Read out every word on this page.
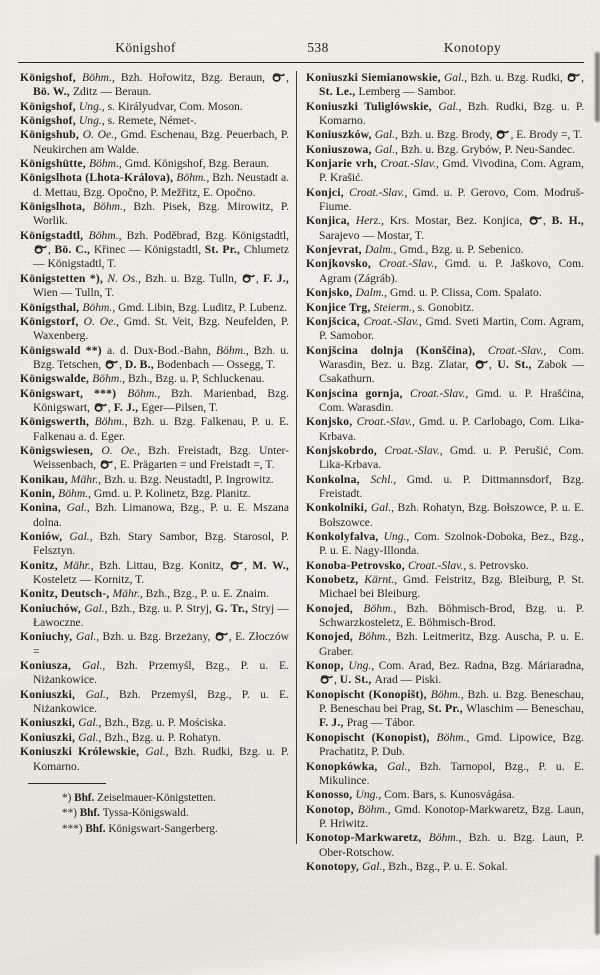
Königshof	538	Konotopy

Königshof, Böhm., Bzh. Hořowitz, Bzg. Beraun,
, Bö. W., Zditz — Beraun.

Königshof, Ung., s. Királyudvar, Com. Moson.

Königshof, Ung., s. Remete, Német-.

Königshub, O. Oe., Gmd. Eschenau, Bzg. Peuerbach, P. Neukirchen am Walde.

Königshütte, Böhm., Gmd. Königshof, Bzg. Beraun.

Königslhota (Lhota-Králova), Böhm., Bzh. Neustadt a. d. Mettau, Bzg. Opočno, P. Mežřitz, E. Opočno.

Königslhota, Böhm., Bzh. Pisek, Bzg. Mirowitz, P. Worlik.

Königstadtl, Böhm., Bzh. Poděbrad, Bzg. Königstadtl,
, Bö. C., Křinec — Königstadtl, St. Pr., Chlumetz — Königstadtl, T.

Königstetten *), N. Os., Bzh. u. Bzg. Tulln,
, F. J., Wien — Tulln, T.

Königsthal, Böhm., Gmd. Libin, Bzg. Luditz, P. Lubenz.

Königstorf, O. Oe., Gmd. St. Veit, Bzg. Neufelden, P. Waxenberg.

Königswald **) a. d. Dux-Bod.-Bahn, Böhm., Bzh. u. Bzg. Tetschen,
, D. B., Bodenbach — Ossegg, T.

Königswalde, Böhm., Bzh., Bzg. u. P, Schluckenau.

Königswart, ***) Böhm., Bzh. Marienbad, Bzg. Königswart,
, F. J., Eger—Pilsen, T.

Königswerth, Böhm., Bzh. u. Bzg. Falkenau, P. u. E. Falkenau a. d. Eger.

Königswiesen, O. Oe., Bzh. Freistadt, Bzg. Unter-Weissenbach,
, E. Prägarten = und Freistadt =, T.

Konikau, Mähr., Bzh. u. Bzg. Neustadtl, P. Ingrowitz.

Konin, Böhm., Gmd. u. P. Kolinetz, Bzg. Planitz.

Konina, Gal., Bzh. Limanowa, Bzg., P. u. E. Mszana dolna.

Koniów, Gal., Bzh. Stary Sambor, Bzg. Starosol, P. Felsztyn.

Konitz, Mähr., Bzh. Littau, Bzg. Konitz,
, M. W., Kosteletz — Kornitz, T.

Konitz, Deutsch-, Mähr., Bzh., Bzg., P. u. E. Znaim.

Koniuchów, Gal., Bzh., Bzg. u. P. Stryj, G. Tr., Stryj — Ławoczne.

Koniuchy, Gal., Bzh. u. Bzg. Brzeżany,
, E. Złoczów =

Koniusza, Gal., Bzh. Przemyśl, Bzg., P. u. E. Niżankowice.

Koniuszki, Gal., Bzh. Przemyśl, Bzg., P. u. E. Niżankowice.

Koniuszki, Gal., Bzh., Bzg. u. P. Mościska.

Koniuszki, Gal., Bzh., Bzg. u. P. Rohatyn.

Koniuszki Królewskie, Gal., Bzh. Rudki, Bzg. u. P. Komarno.

*) Bhf. Zeiselmauer-Königstetten.

**) Bhf. Tyssa-Königswald.

***) Bhf. Königswart-Sangerberg.

Koniuszki Siemianowskie, Gal., Bzh. u. Bzg. Rudki,
, St. Le., Lemberg — Sambor.

Koniuszki Tuliglówskie, Gal., Bzh. Rudki, Bzg. u. P. Komarno.

Koniuszków, Gal., Bzh. u. Bzg. Brody,
, E. Brody =, T.

Koniuszowa, Gal., Bzh. u. Bzg. Grybów, P. Neu-Sandec.

Konjarie vrh, Croat.-Slav., Gmd. Vivodina, Com. Agram, P. Krašić.

Konjci, Croat.-Slav., Gmd. u. P. Gerovo, Com. Modruš-Fiume.

Konjica, Herz., Krs. Mostar, Bez. Konjica,
, B. H., Sarajevo — Mostar, T.

Konjevrat, Dalm., Gmd., Bzg. u. P. Sebenico.

Konjkovsko, Croat.-Slav., Gmd. u. P. Jaškovo, Com. Agram (Zágráb).

Konjsko, Dalm., Gmd. u. P. Clissa, Com. Spalato.

Konjice Trg, Steierm., s. Gonobitz.

Konjšcica, Croat.-Slav., Gmd. Sveti Martin, Com. Agram, P. Samobor.

Konjšcina dolnja (Konščina), Croat.-Slav., Com. Warasdin, Bez. u. Bzg. Zlatar,
, U. St., Zabok — Csakathurn.

Konjscina gornja, Croat.-Slav., Gmd. u. P. Hrašćina, Com. Warasdin.

Konjsko, Croat.-Slav., Gmd. u. P. Carlobago, Com. Lika-Krbava.

Konjskobrdo, Croat.-Slav., Gmd. u. P. Perušić, Com. Lika-Krbava.

Konkolna, Schl., Gmd. u. P. Dittmannsdorf, Bzg. Freistadt.

Konkolniki, Gal., Bzh. Rohatyn, Bzg. Bołszowce, P. u. E. Bołszowce.

Konkolyfalva, Ung., Com. Szolnok-Doboka, Bez., Bzg., P. u. E. Nagy-Illonda.

Konoba-Petrovsko, Croat.-Slav., s. Petrovsko.

Konobetz, Kärnt., Gmd. Feistritz, Bzg. Bleiburg, P. St. Michael bei Bleiburg.

Konojed, Böhm., Bzh. Böhmisch-Brod, Bzg. u. P. Schwarzkosteletz, E. Böhmisch-Brod.

Konojed, Böhm., Bzh. Leitmeritz, Bzg. Auscha, P. u. E. Graber.

Konop, Ung., Com. Arad, Bez. Radna, Bzg. Máriaradna,
, U. St., Arad — Piski.

Konopischt (Konopišt), Böhm., Bzh. u. Bzg. Beneschau, P. Beneschau bei Prag, St. Pr., Wlaschim — Beneschau, F. J., Prag — Tábor.

Konopischt (Konopist), Böhm., Gmd. Lipowice, Bzg. Prachatitz, P. Dub.

Konopkówka, Gal., Bzh. Tarnopol, Bzg., P. u. E. Mikulince.

Konosso, Ung., Com. Bars, s. Kunosvágása.

Konotop, Böhm., Gmd. Konotop-Markwaretz, Bzg. Laun, P. Hriwitz.

Konotop-Markwaretz, Böhm., Bzh. u. Bzg. Laun, P. Ober-Rotschow.

Konotopy, Gal., Bzh., Bzg., P. u. E. Sokal.
